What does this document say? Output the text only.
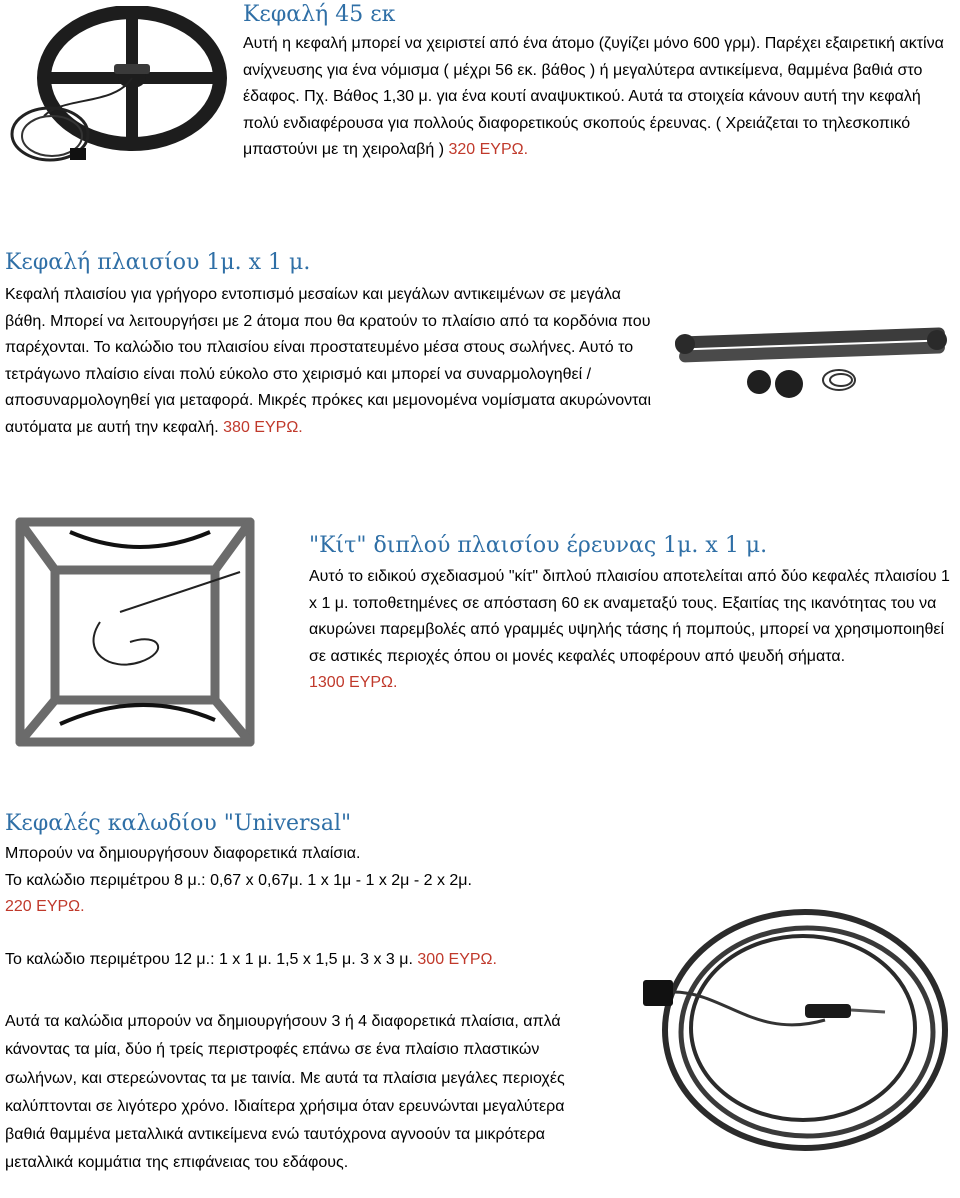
Κεφαλή 45 εκ
Αυτή η κεφαλή μπορεί να χειριστεί από ένα άτομο (ζυγίζει μόνο 600 γρμ). Παρέχει εξαιρετική ακτίνα ανίχνευσης για ένα νόμισμα ( μέχρι 56 εκ. βάθος ) ή μεγαλύτερα αντικείμενα, θαμμένα βαθιά στο έδαφος. Πχ. Βάθος 1,30 μ. για ένα κουτί αναψυκτικού. Αυτά τα στοιχεία κάνουν αυτή την κεφαλή πολύ ενδιαφέρουσα για πολλούς διαφορετικούς σκοπούς έρευνας. ( Χρειάζεται το τηλεσκοπικό μπαστούνι με τη χειρολαβή ) 320 ΕΥΡΩ.
Κεφαλή πλαισίου 1μ. x 1 μ.
Κεφαλή πλαισίου για γρήγορο εντοπισμό μεσαίων και μεγάλων αντικειμένων σε μεγάλα βάθη. Μπορεί να λειτουργήσει με 2 άτομα που θα κρατούν το πλαίσιο από τα κορδόνια που παρέχονται. Το καλώδιο του πλαισίου είναι προστατευμένο μέσα στους σωλήνες. Αυτό το τετράγωνο πλαίσιο είναι πολύ εύκολο στο χειρισμό και μπορεί να συναρμολογηθεί / αποσυναρμολογηθεί για μεταφορά. Μικρές πρόκες και μεμονομένα νομίσματα ακυρώνονται αυτόματα με αυτή την κεφαλή. 380 ΕΥΡΩ.
"Κίτ" διπλού πλαισίου έρευνας 1μ. x 1 μ.

Αυτό το ειδικού σχεδιασμού "κίτ" διπλού πλαισίου αποτελείται από δύο κεφαλές πλαισίου 1 x 1 μ. τοποθετημένες σε απόσταση 60 εκ αναμεταξύ τους. Εξαιτίας της ικανότητας του να ακυρώνει παρεμβολές από γραμμές υψηλής τάσης ή πομπούς, μπορεί να χρησιμοποιηθεί σε αστικές περιοχές όπου οι μονές κεφαλές υποφέρουν από ψευδή σήματα.

1300 ΕΥΡΩ.

Κεφαλές καλωδίου "Universal"

Μπορούν να δημιουργήσουν διαφορετικά πλαίσια.

Το καλώδιο περιμέτρου 8 μ.: 0,67 x 0,67μ. 1 x 1μ - 1 x 2μ - 2 x 2μ.

220 ΕΥΡΩ.

Το καλώδιο περιμέτρου 12 μ.: 1 x 1 μ. 1,5 x 1,5 μ. 3 x 3 μ. 300 ΕΥΡΩ.

Αυτά τα καλώδια μπορούν να δημιουργήσουν 3 ή 4 διαφορετικά πλαίσια, απλά κάνοντας τα μία, δύο ή τρείς περιστροφές επάνω σε ένα πλαίσιο πλαστικών σωλήνων, και στερεώνοντας τα με ταινία. Με αυτά τα πλαίσια μεγάλες περιοχές καλύπτονται σε λιγότερο χρόνο. Ιδιαίτερα χρήσιμα όταν ερευνώνται μεγαλύτερα βαθιά θαμμένα μεταλλικά αντικείμενα ενώ ταυτόχρονα αγνοούν τα μικρότερα μεταλλικά κομμάτια της επιφάνειας του εδάφους.
